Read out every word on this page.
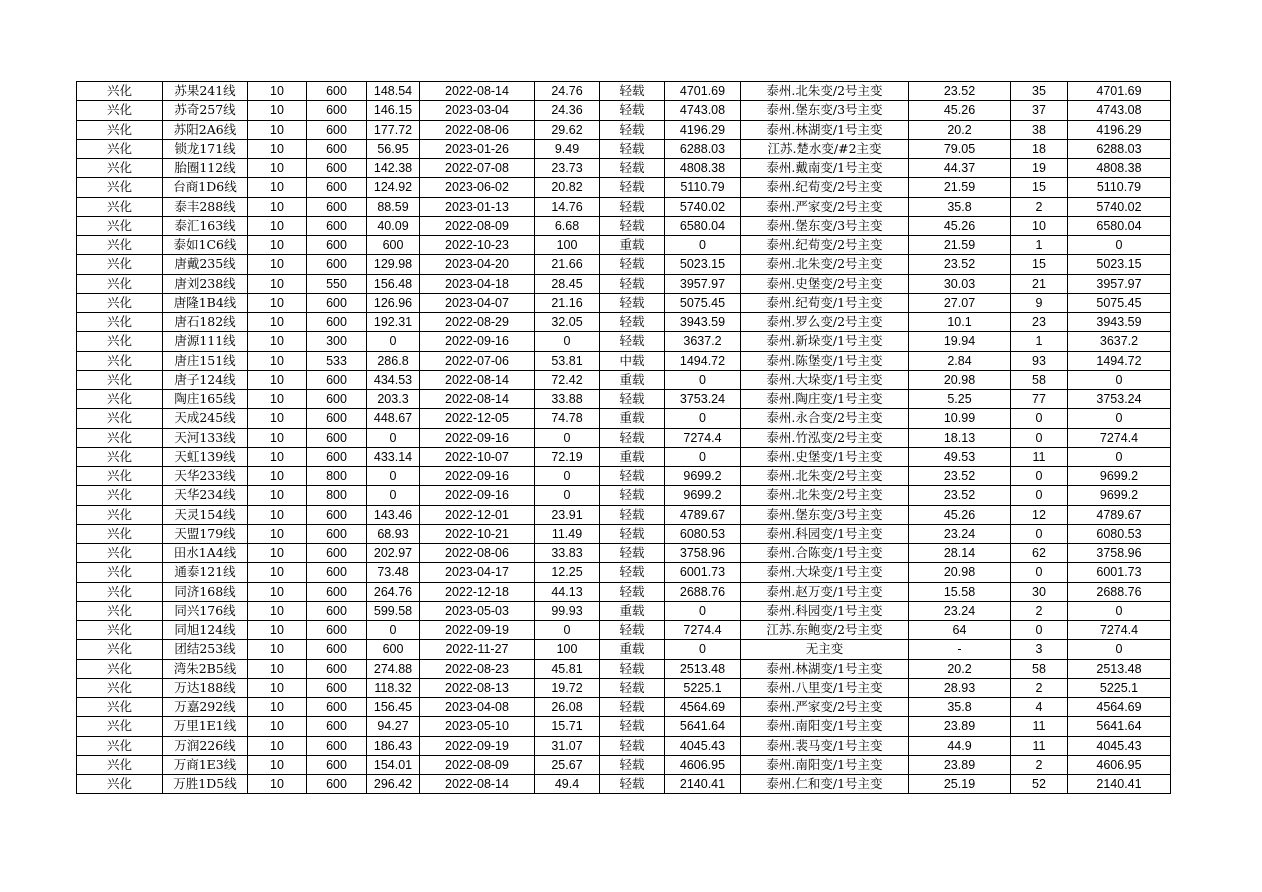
兴化	苏果241线	10	600	148.54	2022-08-14	24.76	轻载	4701.69	泰州.北朱变/2号主变	23.52	35	4701.69
兴化	苏奇257线	10	600	146.15	2023-03-04	24.36	轻载	4743.08	泰州.堡东变/3号主变	45.26	37	4743.08
兴化	苏阳2A6线	10	600	177.72	2022-08-06	29.62	轻载	4196.29	泰州.林湖变/1号主变	20.2	38	4196.29
兴化	锁龙171线	10	600	56.95	2023-01-26	9.49	轻载	6288.03	江苏.楚水变/#2主变	79.05	18	6288.03
兴化	胎圈112线	10	600	142.38	2022-07-08	23.73	轻载	4808.38	泰州.戴南变/1号主变	44.37	19	4808.38
兴化	台商1D6线	10	600	124.92	2023-06-02	20.82	轻载	5110.79	泰州.纪荀变/2号主变	21.59	15	5110.79
兴化	泰丰288线	10	600	88.59	2023-01-13	14.76	轻载	5740.02	泰州.严家变/2号主变	35.8	2	5740.02
兴化	泰汇163线	10	600	40.09	2022-08-09	6.68	轻载	6580.04	泰州.堡东变/3号主变	45.26	10	6580.04
兴化	泰如1C6线	10	600	600	2022-10-23	100	重载	0	泰州.纪荀变/2号主变	21.59	1	0
兴化	唐戴235线	10	600	129.98	2023-04-20	21.66	轻载	5023.15	泰州.北朱变/2号主变	23.52	15	5023.15
兴化	唐刘238线	10	550	156.48	2023-04-18	28.45	轻载	3957.97	泰州.史堡变/2号主变	30.03	21	3957.97
兴化	唐隆1B4线	10	600	126.96	2023-04-07	21.16	轻载	5075.45	泰州.纪荀变/1号主变	27.07	9	5075.45
兴化	唐石182线	10	600	192.31	2022-08-29	32.05	轻载	3943.59	泰州.罗么变/2号主变	10.1	23	3943.59
兴化	唐源111线	10	300	0	2022-09-16	0	轻载	3637.2	泰州.新垛变/1号主变	19.94	1	3637.2
兴化	唐庄151线	10	533	286.8	2022-07-06	53.81	中载	1494.72	泰州.陈堡变/1号主变	2.84	93	1494.72
兴化	唐子124线	10	600	434.53	2022-08-14	72.42	重载	0	泰州.大垛变/1号主变	20.98	58	0
兴化	陶庄165线	10	600	203.3	2022-08-14	33.88	轻载	3753.24	泰州.陶庄变/1号主变	5.25	77	3753.24
兴化	天成245线	10	600	448.67	2022-12-05	74.78	重载	0	泰州.永合变/2号主变	10.99	0	0
兴化	天河133线	10	600	0	2022-09-16	0	轻载	7274.4	泰州.竹泓变/2号主变	18.13	0	7274.4
兴化	天虹139线	10	600	433.14	2022-10-07	72.19	重载	0	泰州.史堡变/1号主变	49.53	11	0
兴化	天华233线	10	800	0	2022-09-16	0	轻载	9699.2	泰州.北朱变/2号主变	23.52	0	9699.2
兴化	天华234线	10	800	0	2022-09-16	0	轻载	9699.2	泰州.北朱变/2号主变	23.52	0	9699.2
兴化	天灵154线	10	600	143.46	2022-12-01	23.91	轻载	4789.67	泰州.堡东变/3号主变	45.26	12	4789.67
兴化	天盟179线	10	600	68.93	2022-10-21	11.49	轻载	6080.53	泰州.科园变/1号主变	23.24	0	6080.53
兴化	田水1A4线	10	600	202.97	2022-08-06	33.83	轻载	3758.96	泰州.合陈变/1号主变	28.14	62	3758.96
兴化	通泰121线	10	600	73.48	2023-04-17	12.25	轻载	6001.73	泰州.大垛变/1号主变	20.98	0	6001.73
兴化	同济168线	10	600	264.76	2022-12-18	44.13	轻载	2688.76	泰州.赵万变/1号主变	15.58	30	2688.76
兴化	同兴176线	10	600	599.58	2023-05-03	99.93	重载	0	泰州.科园变/1号主变	23.24	2	0
兴化	同旭124线	10	600	0	2022-09-19	0	轻载	7274.4	江苏.东鲍变/2号主变	64	0	7274.4
兴化	团结253线	10	600	600	2022-11-27	100	重载	0	无主变	-	3	0
兴化	湾朱2B5线	10	600	274.88	2022-08-23	45.81	轻载	2513.48	泰州.林湖变/1号主变	20.2	58	2513.48
兴化	万达188线	10	600	118.32	2022-08-13	19.72	轻载	5225.1	泰州.八里变/1号主变	28.93	2	5225.1
兴化	万嘉292线	10	600	156.45	2023-04-08	26.08	轻载	4564.69	泰州.严家变/2号主变	35.8	4	4564.69
兴化	万里1E1线	10	600	94.27	2023-05-10	15.71	轻载	5641.64	泰州.南阳变/1号主变	23.89	11	5641.64
兴化	万润226线	10	600	186.43	2022-09-19	31.07	轻载	4045.43	泰州.裴马变/1号主变	44.9	11	4045.43
兴化	万商1E3线	10	600	154.01	2022-08-09	25.67	轻载	4606.95	泰州.南阳变/1号主变	23.89	2	4606.95
兴化	万胜1D5线	10	600	296.42	2022-08-14	49.4	轻载	2140.41	泰州.仁和变/1号主变	25.19	52	2140.41
